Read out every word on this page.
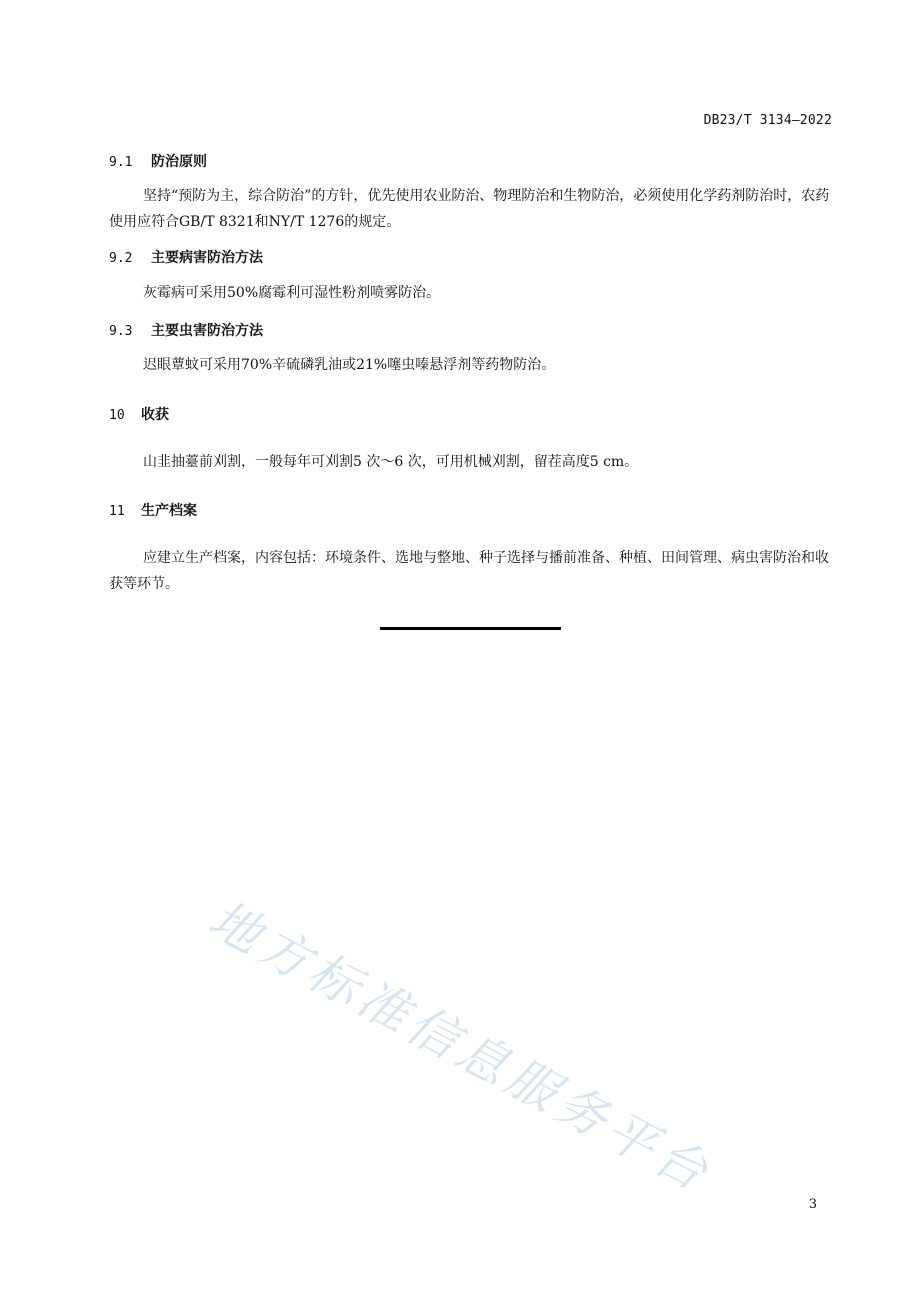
DB23/T 3134—2022
9.1 防治原则

坚持“预防为主，综合防治”的方针，优先使用农业防治、物理防治和生物防治，必须使用化学药剂防治时，农药使用应符合GB/T 8321和NY/T 1276的规定。

9.2 主要病害防治方法

灰霉病可采用50%腐霉利可湿性粉剂喷雾防治。

9.3 主要虫害防治方法

迟眼蕈蚊可采用70%辛硫磷乳油或21%噻虫嗪悬浮剂等药物防治。

10 收获

山韭抽薹前刈割，一般每年可刈割5 次～6 次，可用机械刈割，留茬高度5 cm。

11 生产档案

应建立生产档案，内容包括：环境条件、选地与整地、种子选择与播前准备、种植、田间管理、病虫害防治和收获等环节。

地方标准信息服务平台
3
